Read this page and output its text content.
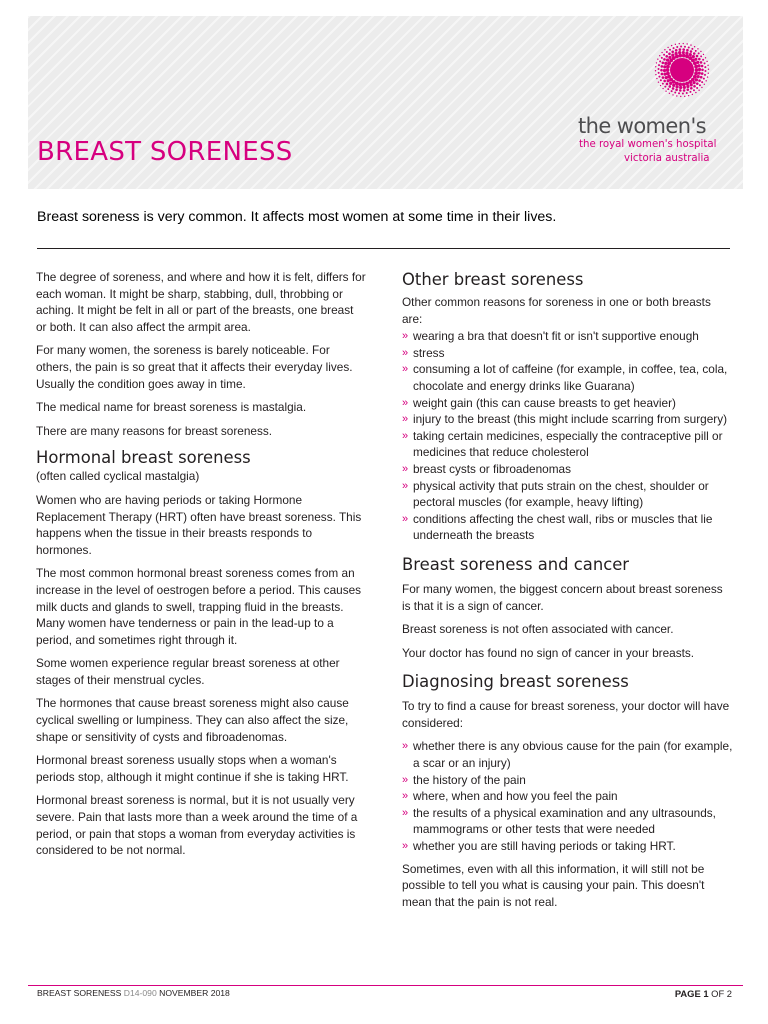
BREAST SORENESS
the women's
the royal women's hospital
victoria australia

Breast soreness is very common. It affects most women at some time in their lives.

The degree of soreness, and where and how it is felt, differs for each woman. It might be sharp, stabbing, dull, throbbing or aching. It might be felt in all or part of the breasts, one breast or both. It can also affect the armpit area.

For many women, the soreness is barely noticeable. For others, the pain is so great that it affects their everyday lives. Usually the condition goes away in time.

The medical name for breast soreness is mastalgia.

There are many reasons for breast soreness.

Hormonal breast soreness

(often called cyclical mastalgia)

Women who are having periods or taking Hormone Replacement Therapy (HRT) often have breast soreness. This happens when the tissue in their breasts responds to hormones.

The most common hormonal breast soreness comes from an increase in the level of oestrogen before a period. This causes milk ducts and glands to swell, trapping fluid in the breasts. Many women have tenderness or pain in the lead-up to a period, and sometimes right through it.

Some women experience regular breast soreness at other stages of their menstrual cycles.

The hormones that cause breast soreness might also cause cyclical swelling or lumpiness. They can also affect the size, shape or sensitivity of cysts and fibroadenomas.

Hormonal breast soreness usually stops when a woman's periods stop, although it might continue if she is taking HRT.

Hormonal breast soreness is normal, but it is not usually very severe. Pain that lasts more than a week around the time of a period, or pain that stops a woman from everyday activities is considered to be not normal.

Other breast soreness

Other common reasons for soreness in one or both breasts are:

» wearing a bra that doesn't fit or isn't supportive enough
» stress
» consuming a lot of caffeine (for example, in coffee, tea, cola, chocolate and energy drinks like Guarana)
» weight gain (this can cause breasts to get heavier)
» injury to the breast (this might include scarring from surgery)
» taking certain medicines, especially the contraceptive pill or medicines that reduce cholesterol
» breast cysts or fibroadenomas
» physical activity that puts strain on the chest, shoulder or pectoral muscles (for example, heavy lifting)
» conditions affecting the chest wall, ribs or muscles that lie underneath the breasts
Breast soreness and cancer

For many women, the biggest concern about breast soreness is that it is a sign of cancer.

Breast soreness is not often associated with cancer.

Your doctor has found no sign of cancer in your breasts.

Diagnosing breast soreness

To try to find a cause for breast soreness, your doctor will have considered:

» whether there is any obvious cause for the pain (for example, a scar or an injury)
» the history of the pain
» where, when and how you feel the pain
» the results of a physical examination and any ultrasounds, mammograms or other tests that were needed
» whether you are still having periods or taking HRT.

Sometimes, even with all this information, it will still not be possible to tell you what is causing your pain. This doesn't mean that the pain is not real.

BREAST SORENESS D14-090 NOVEMBER 2018	PAGE 1 OF 2
